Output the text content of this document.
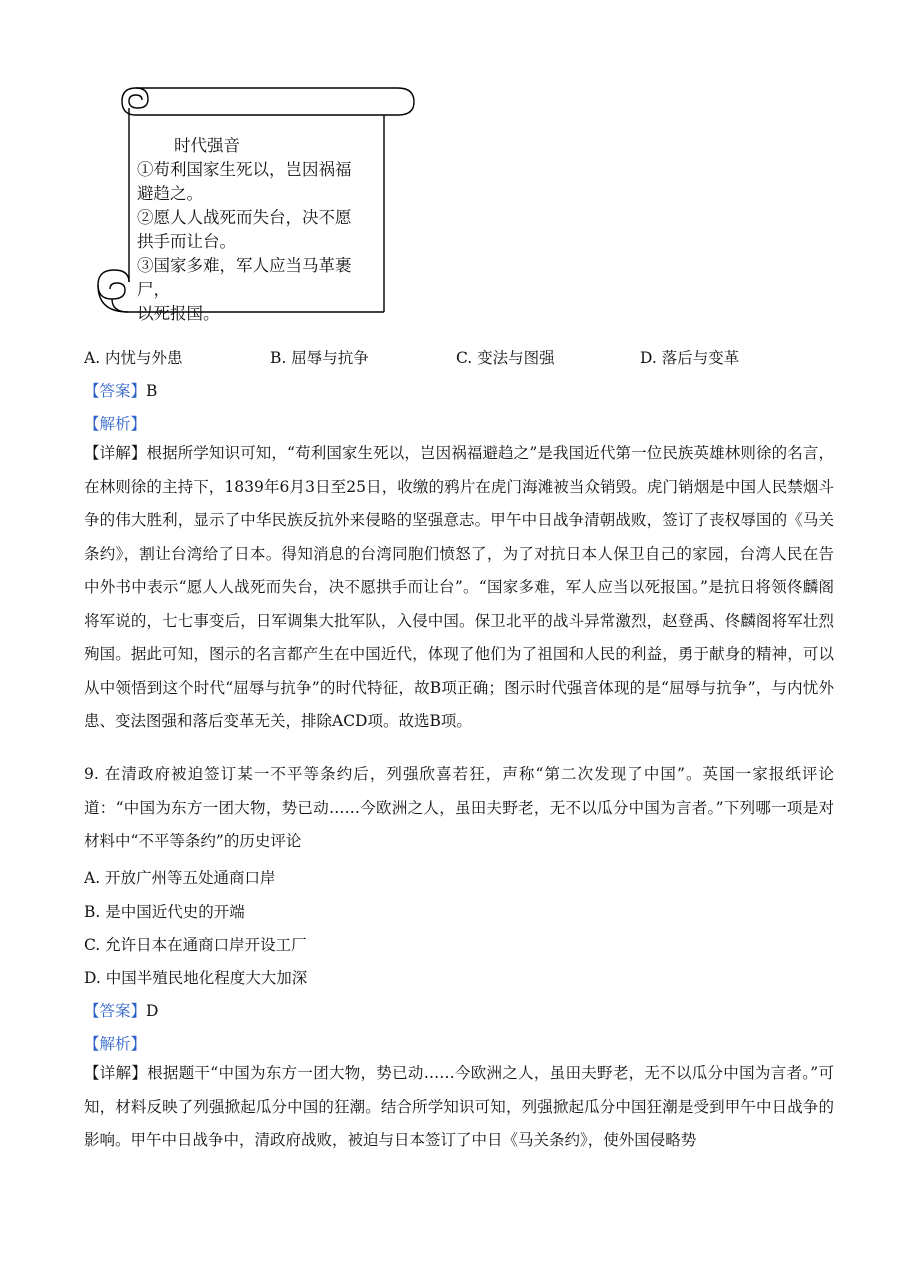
时代强音
①苟利国家生死以，岂因祸福
避趋之。
②愿人人战死而失台，决不愿
拱手而让台。
③国家多难，军人应当马革裹尸，
以死报国。
A. 内忧与外患	B. 屈辱与抗争	C. 变法与图强	D. 落后与变革
【答案】B
【解析】
【详解】根据所学知识可知，“苟利国家生死以，岂因祸福避趋之”是我国近代第一位民族英雄林则徐的名言，在林则徐的主持下，1839年6月3日至25日，收缴的鸦片在虎门海滩被当众销毁。虎门销烟是中国人民禁烟斗争的伟大胜利，显示了中华民族反抗外来侵略的坚强意志。甲午中日战争清朝战败，签订了丧权辱国的《马关条约》，割让台湾给了日本。得知消息的台湾同胞们愤怒了，为了对抗日本人保卫自己的家园，台湾人民在告中外书中表示“愿人人战死而失台，决不愿拱手而让台”。“国家多难，军人应当以死报国。”是抗日将领佟麟阁将军说的，七七事变后，日军调集大批军队，入侵中国。保卫北平的战斗异常激烈，赵登禹、佟麟阁将军壮烈殉国。据此可知，图示的名言都产生在中国近代，体现了他们为了祖国和人民的利益，勇于献身的精神，可以从中领悟到这个时代“屈辱与抗争”的时代特征，故B项正确；图示时代强音体现的是“屈辱与抗争”，与内忧外患、变法图强和落后变革无关，排除ACD项。故选B项。
9. 在清政府被迫签订某一不平等条约后，列强欣喜若狂，声称“第二次发现了中国”。英国一家报纸评论道：“中国为东方一团大物，势已动……今欧洲之人，虽田夫野老，无不以瓜分中国为言者。”下列哪一项是对材料中“不平等条约”的历史评论
A. 开放广州等五处通商口岸
B. 是中国近代史的开端
C. 允许日本在通商口岸开设工厂
D. 中国半殖民地化程度大大加深
【答案】D
【解析】
【详解】根据题干“中国为东方一团大物，势已动……今欧洲之人，虽田夫野老，无不以瓜分中国为言者。”可知，材料反映了列强掀起瓜分中国的狂潮。结合所学知识可知，列强掀起瓜分中国狂潮是受到甲午中日战争的影响。甲午中日战争中，清政府战败，被迫与日本签订了中日《马关条约》，使外国侵略势
